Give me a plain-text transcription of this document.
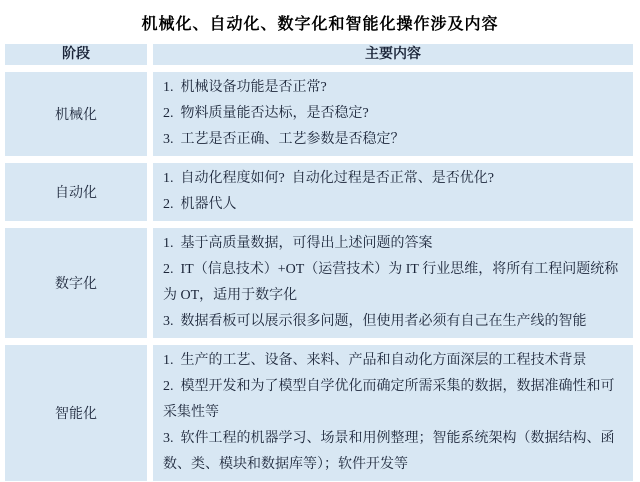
机械化、自动化、数字化和智能化操作涉及内容
阶段	主要内容
机械化
1.  机械设备功能是否正常?
2.  物料质量能否达标，是否稳定?
3.  工艺是否正确、工艺参数是否稳定？
自动化
1.  自动化程度如何?  自动化过程是否正常、是否优化?
2.  机器代人
数字化
1.  基于高质量数据，可得出上述问题的答案
2.  IT（信息技术）+OT（运营技术）为 IT 行业思维，将所有工程问题统称为 OT，适用于数字化
3.  数据看板可以展示很多问题，但使用者必须有自己在生产线的智能
智能化
1.  生产的工艺、设备、来料、产品和自动化方面深层的工程技术背景
2.  模型开发和为了模型自学优化而确定所需采集的数据，数据准确性和可采集性等
3.  软件工程的机器学习、场景和用例整理；智能系统架构（数据结构、函数、类、模块和数据库等）；软件开发等
